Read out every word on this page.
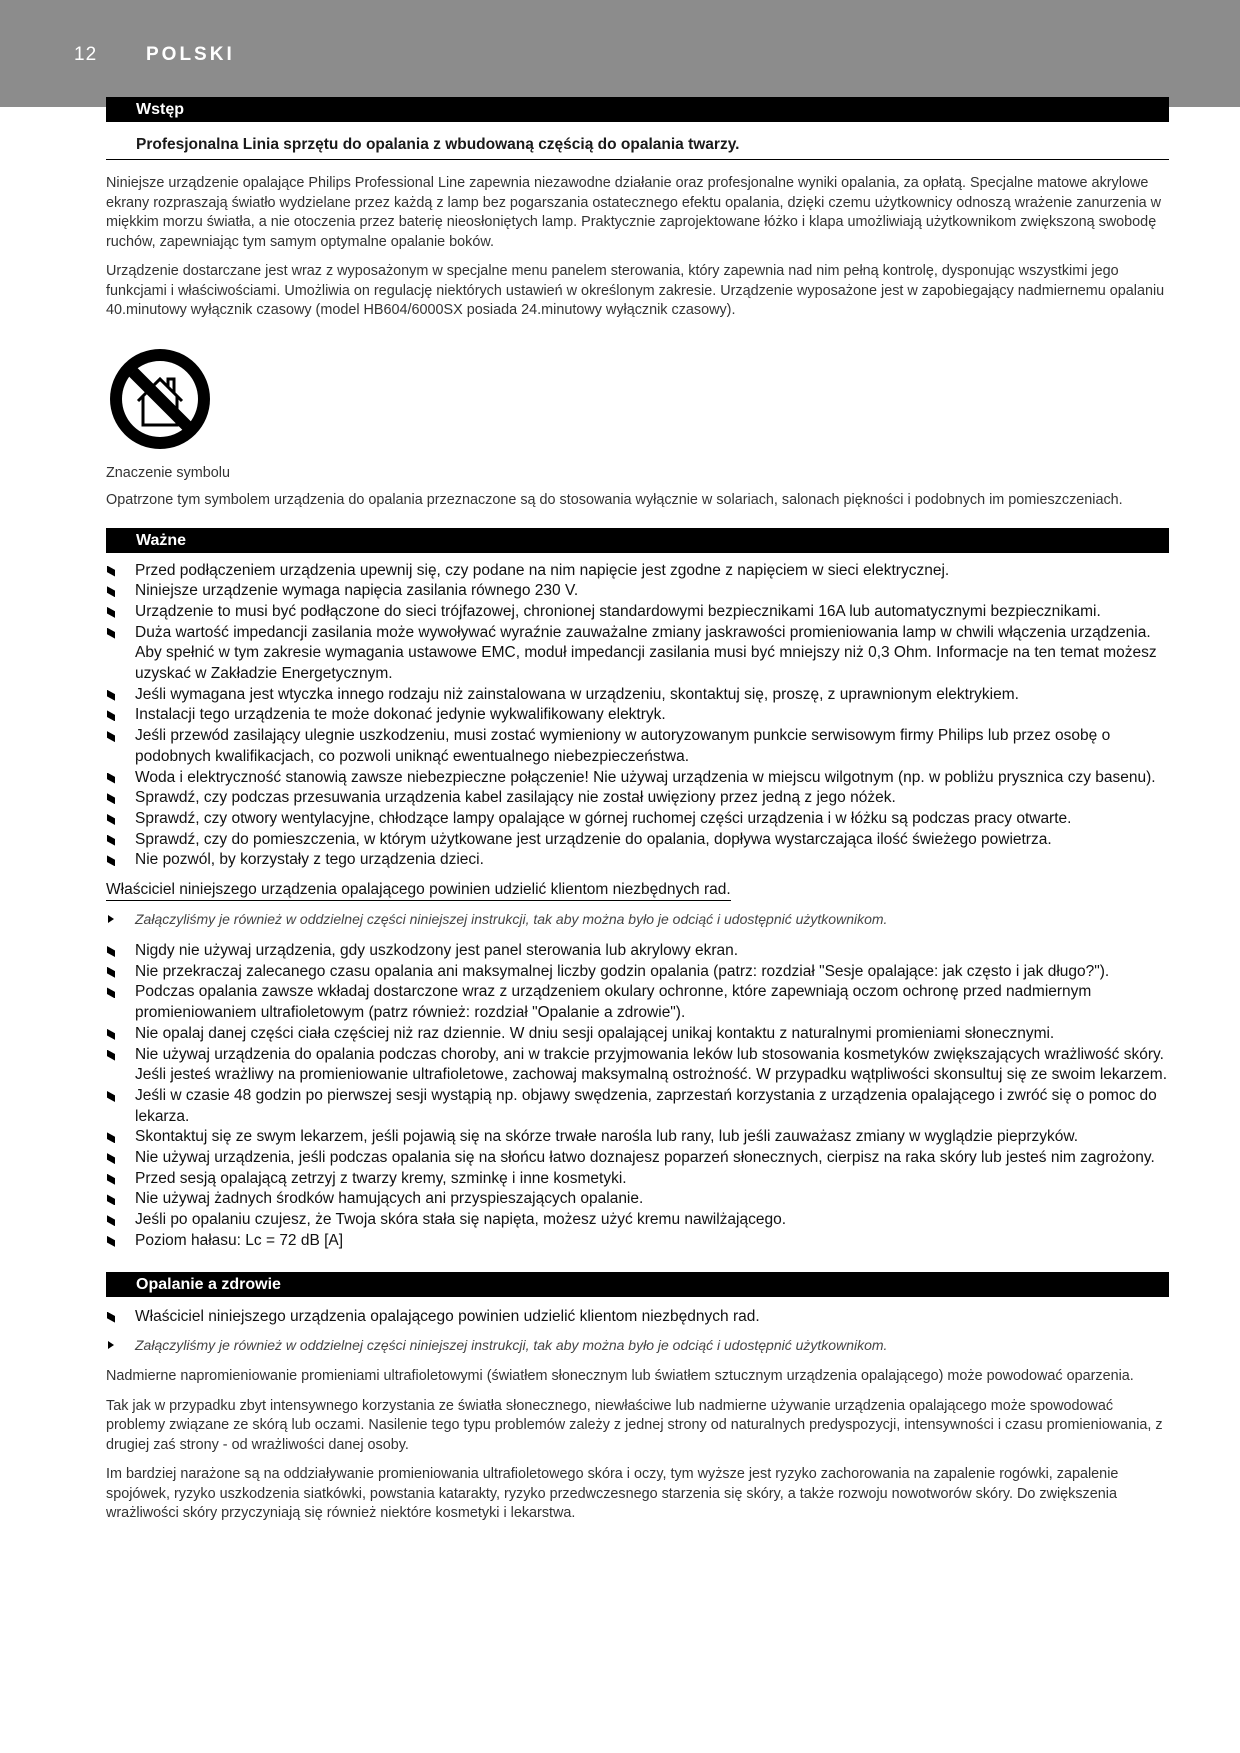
12	POLSKI
Wstęp
Profesjonalna Linia sprzętu do opalania z wbudowaną częścią do opalania twarzy.

Niniejsze urządzenie opalające Philips Professional Line zapewnia niezawodne działanie oraz profesjonalne wyniki opalania, za opłatą. Specjalne matowe akrylowe ekrany rozpraszają światło wydzielane przez każdą z lamp bez pogarszania ostatecznego efektu opalania, dzięki czemu użytkownicy odnoszą wrażenie zanurzenia w miękkim morzu światła, a nie otoczenia przez baterię nieosłoniętych lamp. Praktycznie zaprojektowane łóżko i klapa umożliwiają użytkownikom zwiększoną swobodę ruchów, zapewniając tym samym optymalne opalanie boków.

Urządzenie dostarczane jest wraz z wyposażonym w specjalne menu panelem sterowania, który zapewnia nad nim pełną kontrolę, dysponując wszystkimi jego funkcjami i właściwościami. Umożliwia on regulację niektórych ustawień w określonym zakresie. Urządzenie wyposażone jest w zapobiegający nadmiernemu opalaniu 40.minutowy wyłącznik czasowy (model HB604/6000SX posiada 24.minutowy wyłącznik czasowy).

Znaczenie symbolu

Opatrzone tym symbolem urządzenia do opalania przeznaczone są do stosowania wyłącznie w solariach, salonach piękności i podobnych im pomieszczeniach.

Ważne
Przed podłączeniem urządzenia upewnij się, czy podane na nim napięcie jest zgodne z napięciem w sieci elektrycznej.
Niniejsze urządzenie wymaga napięcia zasilania równego 230 V.
Urządzenie to musi być podłączone do sieci trójfazowej, chronionej standardowymi bezpiecznikami 16A lub automatycznymi bezpiecznikami.
Duża wartość impedancji zasilania może wywoływać wyraźnie zauważalne zmiany jaskrawości promieniowania lamp w chwili włączenia urządzenia. Aby spełnić w tym zakresie wymagania ustawowe EMC, moduł impedancji zasilania musi być mniejszy niż 0,3 Ohm. Informacje na ten temat możesz uzyskać w Zakładzie Energetycznym.
Jeśli wymagana jest wtyczka innego rodzaju niż zainstalowana w urządzeniu, skontaktuj się, proszę, z uprawnionym elektrykiem.
Instalacji tego urządzenia te może dokonać jedynie wykwalifikowany elektryk.
Jeśli przewód zasilający ulegnie uszkodzeniu, musi zostać wymieniony w autoryzowanym punkcie serwisowym firmy Philips lub przez osobę o podobnych kwalifikacjach, co pozwoli uniknąć ewentualnego niebezpieczeństwa.
Woda i elektryczność stanowią zawsze niebezpieczne połączenie! Nie używaj urządzenia w miejscu wilgotnym (np. w pobliżu prysznica czy basenu).
Sprawdź, czy podczas przesuwania urządzenia kabel zasilający nie został uwięziony przez jedną z jego nóżek.
Sprawdź, czy otwory wentylacyjne, chłodzące lampy opalające w górnej ruchomej części urządzenia i w łóżku są podczas pracy otwarte.
Sprawdź, czy do pomieszczenia, w którym użytkowane jest urządzenie do opalania, dopływa wystarczająca ilość świeżego powietrza.
Nie pozwól, by korzystały z tego urządzenia dzieci.
Właściciel niniejszego urządzenia opalającego powinien udzielić klientom niezbędnych rad.

Załączyliśmy je również w oddzielnej części niniejszej instrukcji, tak aby można było je odciąć i udostępnić użytkownikom.

Nigdy nie używaj urządzenia, gdy uszkodzony jest panel sterowania lub akrylowy ekran.
Nie przekraczaj zalecanego czasu opalania ani maksymalnej liczby godzin opalania (patrz: rozdział "Sesje opalające: jak często i jak długo?").
Podczas opalania zawsze wkładaj dostarczone wraz z urządzeniem okulary ochronne, które zapewniają oczom ochronę przed nadmiernym promieniowaniem ultrafioletowym (patrz również: rozdział "Opalanie a zdrowie").
Nie opalaj danej części ciała częściej niż raz dziennie. W dniu sesji opalającej unikaj kontaktu z naturalnymi promieniami słonecznymi.
Nie używaj urządzenia do opalania podczas choroby, ani w trakcie przyjmowania leków lub stosowania kosmetyków zwiększających wrażliwość skóry. Jeśli jesteś wrażliwy na promieniowanie ultrafioletowe, zachowaj maksymalną ostrożność. W przypadku wątpliwości skonsultuj się ze swoim lekarzem.
Jeśli w czasie 48 godzin po pierwszej sesji wystąpią np. objawy swędzenia, zaprzestań korzystania z urządzenia opalającego i zwróć się o pomoc do lekarza.
Skontaktuj się ze swym lekarzem, jeśli pojawią się na skórze trwałe narośla lub rany, lub jeśli zauważasz zmiany w wyglądzie pieprzyków.
Nie używaj urządzenia, jeśli podczas opalania się na słońcu łatwo doznajesz poparzeń słonecznych, cierpisz na raka skóry lub jesteś nim zagrożony.
Przed sesją opalającą zetrzyj z twarzy kremy, szminkę i inne kosmetyki.
Nie używaj żadnych środków hamujących ani przyspieszających opalanie.
Jeśli po opalaniu czujesz, że Twoja skóra stała się napięta, możesz użyć kremu nawilżającego.
Poziom hałasu: Lc = 72 dB [A]
Opalanie a zdrowie
Właściciel niniejszego urządzenia opalającego powinien udzielić klientom niezbędnych rad.

Załączyliśmy je również w oddzielnej części niniejszej instrukcji, tak aby można było je odciąć i udostępnić użytkownikom.

Nadmierne napromieniowanie promieniami ultrafioletowymi (światłem słonecznym lub światłem sztucznym urządzenia opalającego) może powodować oparzenia.

Tak jak w przypadku zbyt intensywnego korzystania ze światła słonecznego, niewłaściwe lub nadmierne używanie urządzenia opalającego może spowodować problemy związane ze skórą lub oczami. Nasilenie tego typu problemów zależy z jednej strony od naturalnych predyspozycji, intensywności i czasu promieniowania, z drugiej zaś strony - od wrażliwości danej osoby.

Im bardziej narażone są na oddziaływanie promieniowania ultrafioletowego skóra i oczy, tym wyższe jest ryzyko zachorowania na zapalenie rogówki, zapalenie spojówek, ryzyko uszkodzenia siatkówki, powstania katarakty, ryzyko przedwczesnego starzenia się skóry, a także rozwoju nowotworów skóry. Do zwiększenia wrażliwości skóry przyczyniają się również niektóre kosmetyki i lekarstwa.
